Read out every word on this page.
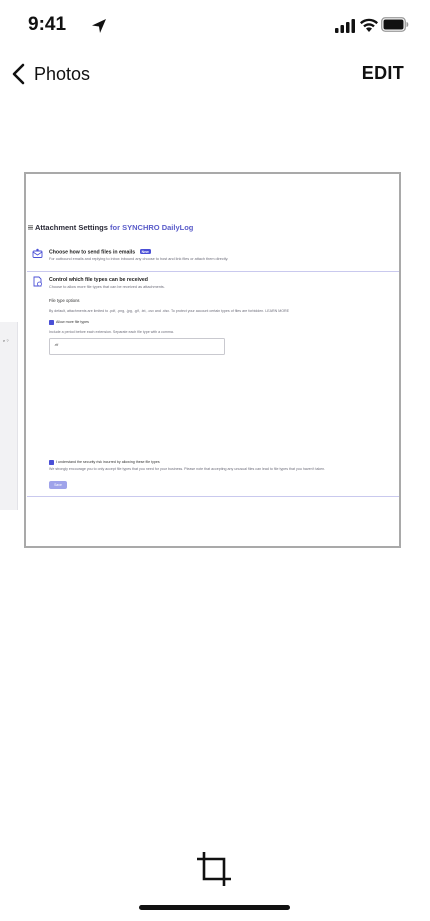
9:41
Photos	EDIT
e ?
Attachment Settings for SYNCHRO DailyLog
Choose how to send files in emails New
For outbound emails and replying to inbox inbound any choose to host and link files or attach them directly.
Control which file types can be received
Choose to allow more file types that can be received as attachments.
File type options
By default, attachments are limited to .pdf, .png, .jpg, .gif, .txt, .csv and .xlsx. To protect your account certain types of files are forbidden. LEARN MORE
Allow more file types
Include a period before each extension. Separate each file type with a comma.
.rtf
I understand the security risk incurred by allowing these file types
We strongly encourage you to only accept file types that you need for your business. Please note that accepting any unusual files can lead to file types that you haven't taken.
Save
